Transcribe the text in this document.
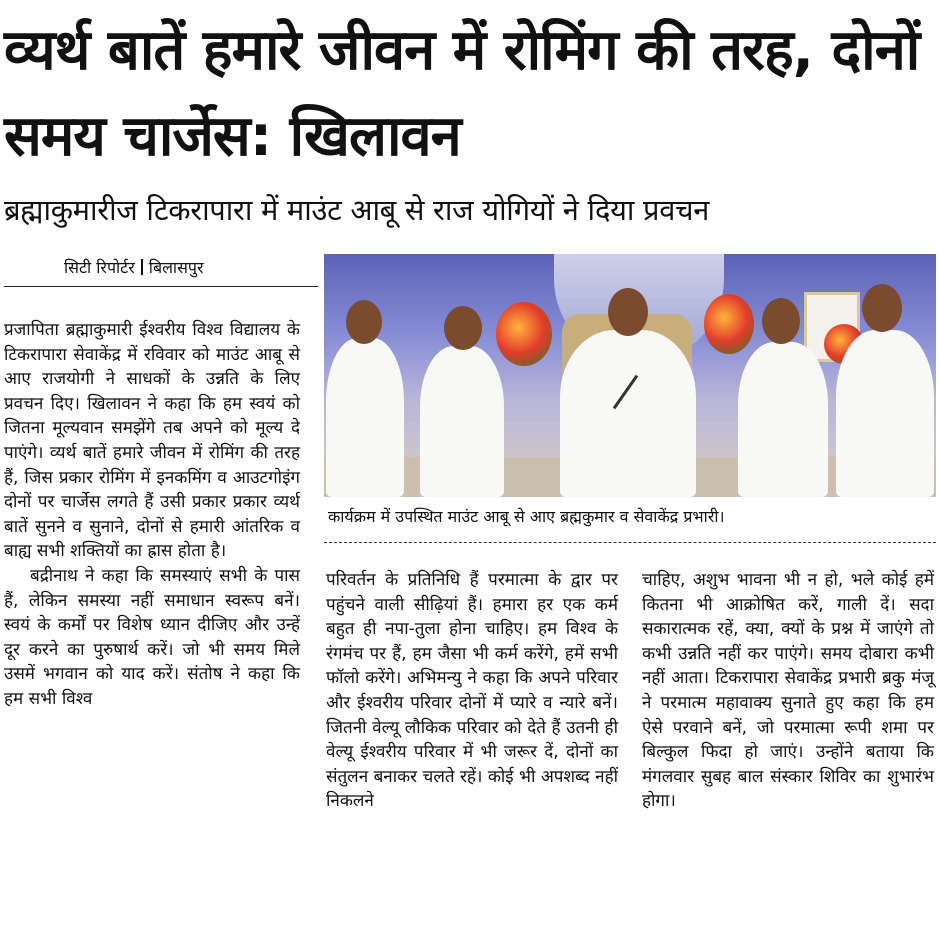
व्यर्थ बातें हमारे जीवन में रोमिंग की तरह, दोनों समय चार्जेस: खिलावन
ब्रह्माकुमारीज टिकरापारा में माउंट आबू से राज योगियों ने दिया प्रवचन
सिटी रिपोर्टर बिलासपुर
कार्यक्रम में उपस्थित माउंट आबू से आए ब्रह्मकुमार व सेवाकेंद्र प्रभारी।

प्रजापिता ब्रह्माकुमारी ईश्वरीय विश्व विद्यालय के टिकरापारा सेवाकेंद्र में रविवार को माउंट आबू से आए राजयोगी ने साधकों के उन्नति के लिए प्रवचन दिए। खिलावन ने कहा कि हम स्वयं को जितना मूल्यवान समझेंगे तब अपने को मूल्य दे पाएंगे। व्यर्थ बातें हमारे जीवन में रोमिंग की तरह हैं, जिस प्रकार रोमिंग में इनकमिंग व आउटगोइंग दोनों पर चार्जेस लगते हैं उसी प्रकार प्रकार व्यर्थ बातें सुनने व सुनाने, दोनों से हमारी आंतरिक व बाह्य सभी शक्तियों का ह्रास होता है।

बद्रीनाथ ने कहा कि समस्याएं सभी के पास हैं, लेकिन समस्या नहीं समाधान स्वरूप बनें। स्वयं के कर्मों पर विशेष ध्यान दीजिए और उन्हें दूर करने का पुरुषार्थ करें। जो भी समय मिले उसमें भगवान को याद करें। संतोष ने कहा कि हम सभी विश्व

परिवर्तन के प्रतिनिधि हैं परमात्मा के द्वार पर पहुंचने वाली सीढ़ियां हैं। हमारा हर एक कर्म बहुत ही नपा-तुला होना चाहिए। हम विश्व के रंगमंच पर हैं, हम जैसा भी कर्म करेंगे, हमें सभी फॉलो करेंगे। अभिमन्यु ने कहा कि अपने परिवार और ईश्वरीय परिवार दोनों में प्यारे व न्यारे बनें। जितनी वेल्यू लौकिक परिवार को देते हैं उतनी ही वेल्यू ईश्वरीय परिवार में भी जरूर दें, दोनों का संतुलन बनाकर चलते रहें। कोई भी अपशब्द नहीं निकलने

चाहिए, अशुभ भावना भी न हो, भले कोई हमें कितना भी आक्रोषित करें, गाली दें। सदा सकारात्मक रहें, क्या, क्यों के प्रश्न में जाएंगे तो कभी उन्नति नहीं कर पाएंगे। समय दोबारा कभी नहीं आता। टिकरापारा सेवाकेंद्र प्रभारी ब्रकु मंजू ने परमात्म महावाक्य सुनाते हुए कहा कि हम ऐसे परवाने बनें, जो परमात्मा रूपी शमा पर बिल्कुल फिदा हो जाएं। उन्होंने बताया कि मंगलवार सुबह बाल संस्कार शिविर का शुभारंभ होगा।
